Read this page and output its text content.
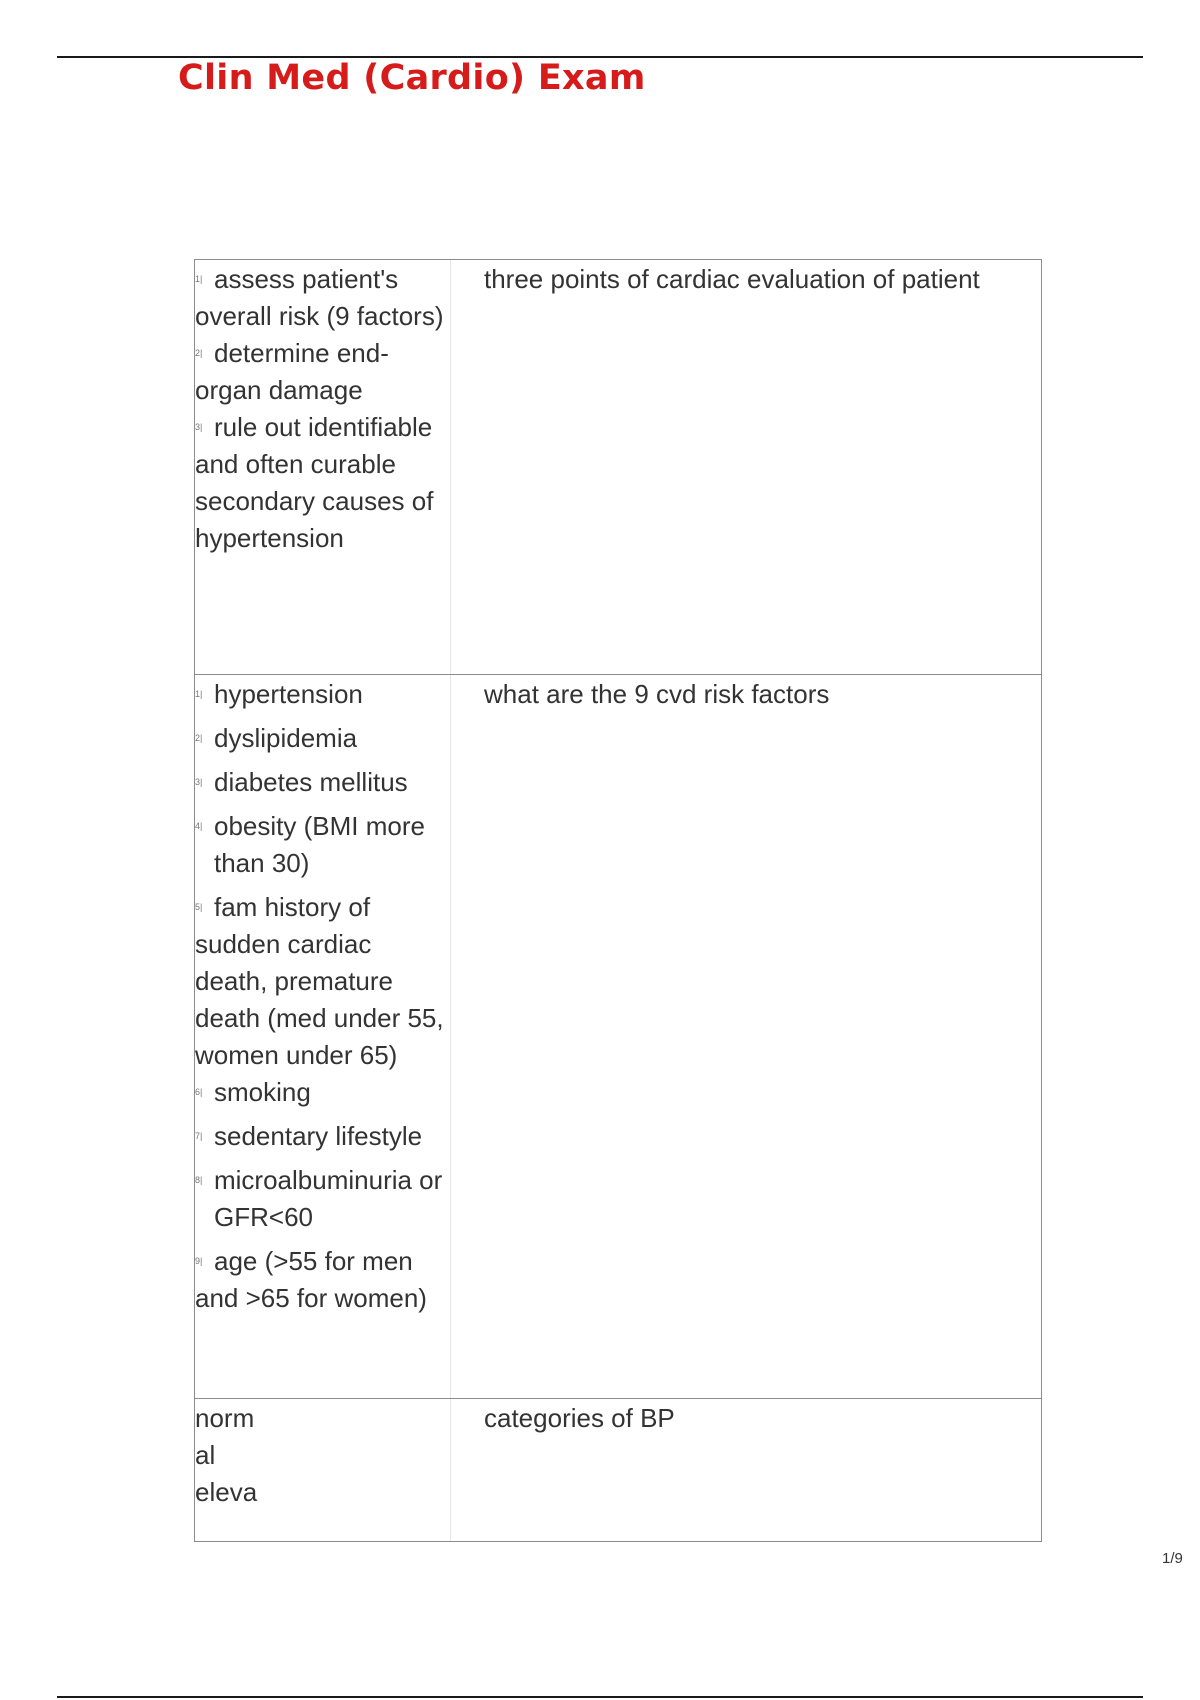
Clin Med (Cardio) Exam
1| assess patient's overall risk (9 factors)
2| determine end-organ damage
3| rule out identifiable and often curable secondary causes of hypertension
three points of cardiac evaluation of patient
1| hypertension
2| dyslipidemia
3| diabetes mellitus
4| obesity (BMI more than 30)
5| fam history of sudden cardiac death, premature death (med under 55, women under 65)
6| smoking
7| sedentary lifestyle
8| microalbuminuria or GFR<60
9| age (>55 for men and >65 for women)
what are the 9 cvd risk factors
norm
al
eleva
categories of BP
1/9
